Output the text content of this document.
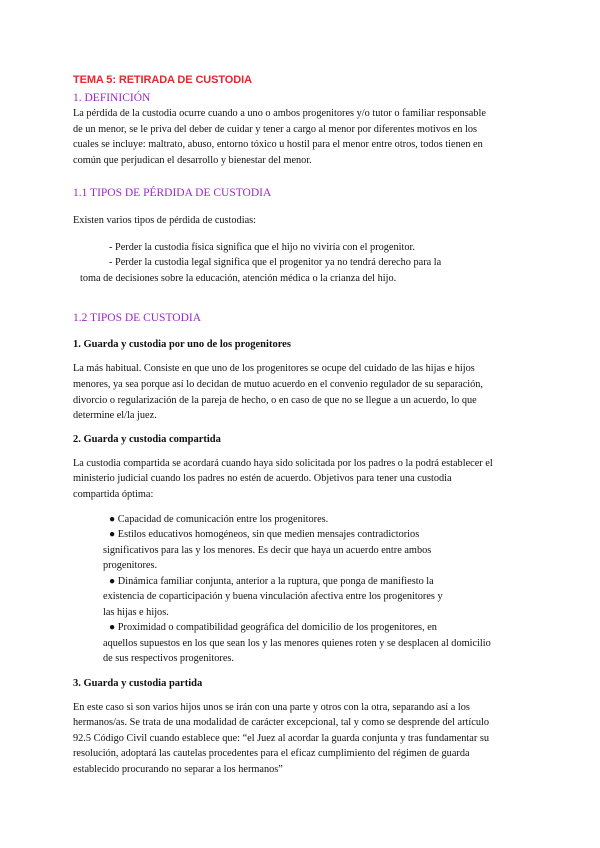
TEMA 5: RETIRADA DE CUSTODIA
1. DEFINICIÓN

La pérdida de la custodia ocurre cuando a uno o ambos progenitores y/o tutor o familiar responsable

de un menor, se le priva del deber de cuidar y tener a cargo al menor por diferentes motivos en los

cuales se incluye: maltrato, abuso, entorno tóxico u hostil para el menor entre otros, todos tienen en

común que perjudican el desarrollo y bienestar del menor.

1.1 TIPOS DE PÉRDIDA DE CUSTODIA

Existen varios tipos de pérdida de custodias:

- Perder la custodia física significa que el hijo no viviría con el progenitor.
- Perder la custodia legal significa que el progenitor ya no tendrá derecho para la
toma de decisiones sobre la educación, atención médica o la crianza del hijo.
1.2 TIPOS DE CUSTODIA
1. Guarda y custodia por uno de los progenitores

La más habitual. Consiste en que uno de los progenitores se ocupe del cuidado de las hijas e hijos

menores, ya sea porque así lo decidan de mutuo acuerdo en el convenio regulador de su separación,

divorcio o regularización de la pareja de hecho, o en caso de que no se llegue a un acuerdo, lo que

determine el/la juez.

2. Guarda y custodia compartida

La custodia compartida se acordará cuando haya sido solicitada por los padres o la podrá establecer el

ministerio judicial cuando los padres no estén de acuerdo. Objetivos para tener una custodia

compartida óptima:

● Capacidad de comunicación entre los progenitores.
● Estilos educativos homogéneos, sin que medien mensajes contradictorios
significativos para las y los menores. Es decir que haya un acuerdo entre ambos
progenitores.
● Dinámica familiar conjunta, anterior a la ruptura, que ponga de manifiesto la
existencia de coparticipación y buena vinculación afectiva entre los progenitores y
las hijas e hijos.
● Proximidad o compatibilidad geográfica del domicilio de los progenitores, en
aquellos supuestos en los que sean los y las menores quienes roten y se desplacen al domicilio
de sus respectivos progenitores.
3. Guarda y custodia partida

En este caso si son varios hijos unos se irán con una parte y otros con la otra, separando así a los

hermanos/as. Se trata de una modalidad de carácter excepcional, tal y como se desprende del artículo

92.5 Código Civil cuando establece que: “el Juez al acordar la guarda conjunta y tras fundamentar su

resolución, adoptará las cautelas procedentes para el eficaz cumplimiento del régimen de guarda

establecido procurando no separar a los hermanos”
